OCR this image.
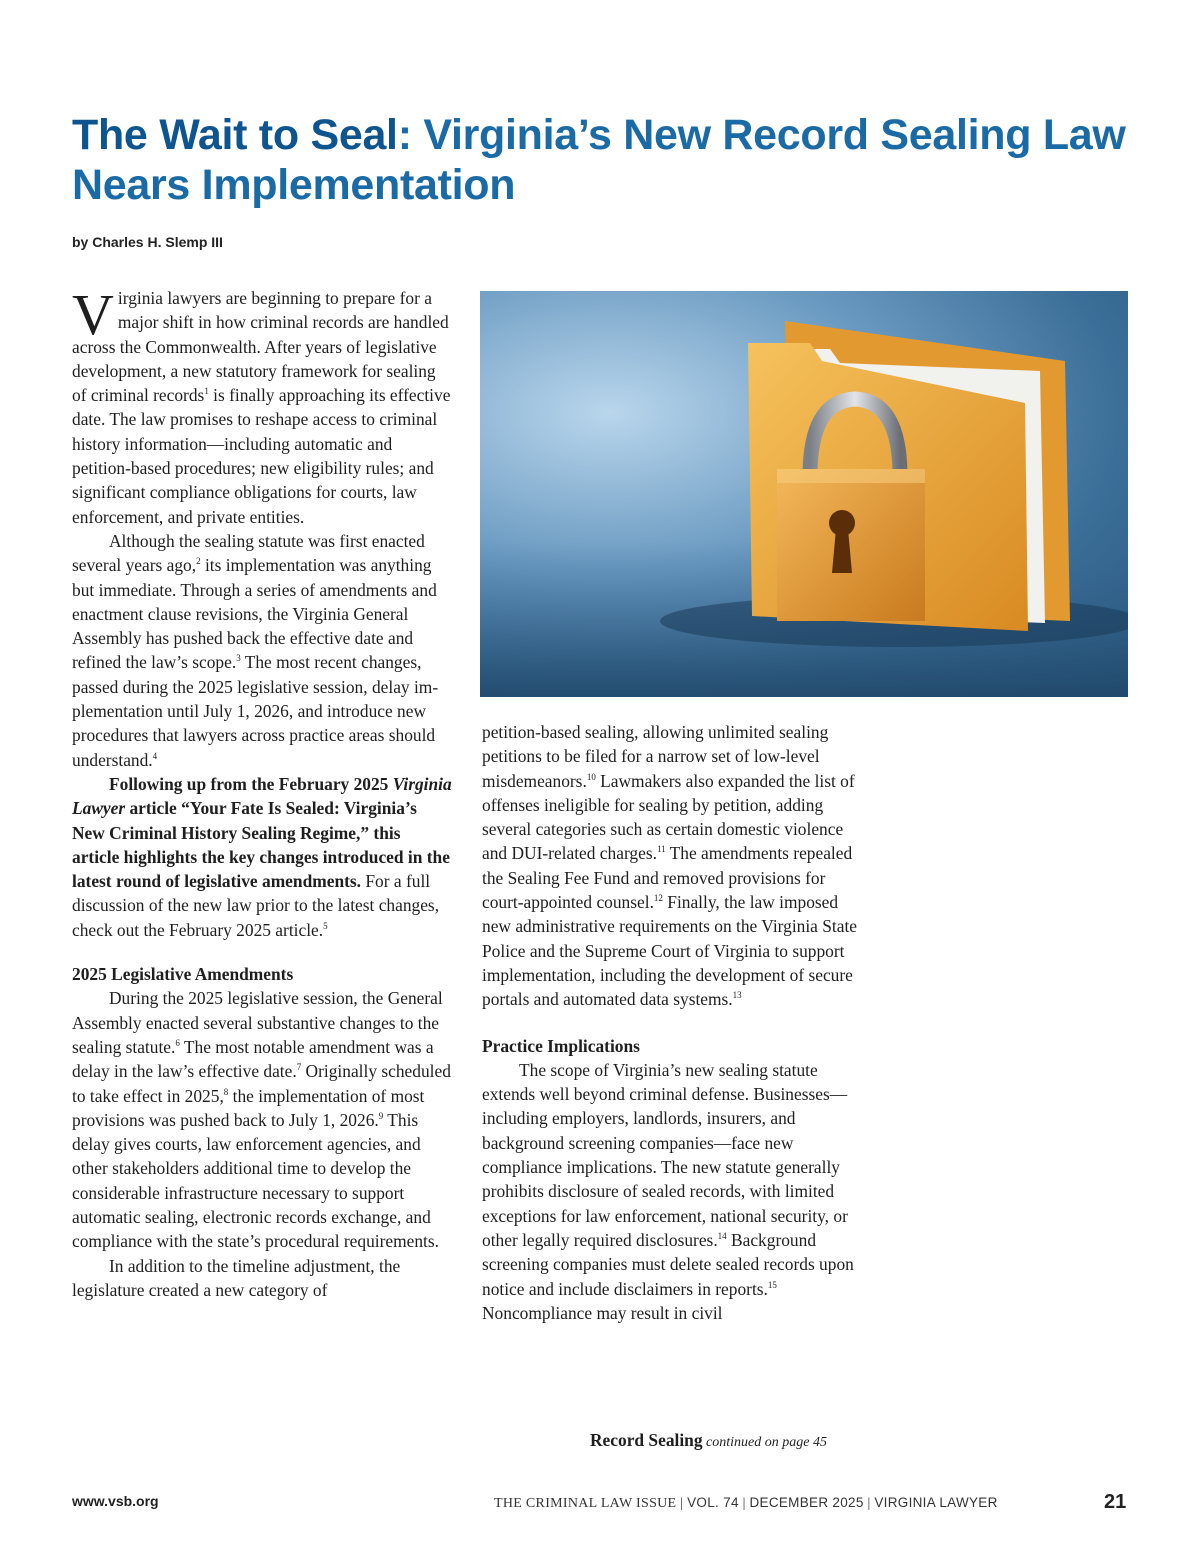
The Wait to Seal: Virginia’s New Record Sealing Law Nears Implementation

by Charles H. Slemp III

Virginia lawyers are beginning to prepare for a major shift in how criminal records are handled across the Commonwealth. After years of legislative development, a new statutory framework for sealing of criminal records$^1$ is finally approaching its effective date. The law promises to reshape access to criminal history information—including automatic and petition-based procedures; new eligibility rules; and significant compliance obligations for courts, law enforcement, and private entities.

Although the sealing statute was first enacted several years ago,$^2$ its implementation was anything but immediate. Through a series of amendments and enactment clause revisions, the Virginia General Assembly has pushed back the effective date and refined the law’s scope.$^3$ The most recent changes, passed during the 2025 legislative session, delay implementation until July 1, 2026, and introduce new procedures that lawyers across practice areas should understand.$^4$

Following up from the February 2025 Virginia Lawyer article “Your Fate Is Sealed: Virginia’s New Criminal History Sealing Regime,” this article highlights the key changes introduced in the latest round of legislative amendments. For a full discussion of the new law prior to the latest changes, check out the February 2025 article.$^5$

2025 Legislative Amendments

During the 2025 legislative session, the General Assembly enacted several substantive changes to the sealing statute.$^6$ The most notable amendment was a delay in the law’s effective date.$^7$ Originally scheduled to take effect in 2025,$^8$ the implementation of most provisions was pushed back to July 1, 2026.$^9$ This delay gives courts, law enforcement agencies, and other stakeholders additional time to develop the considerable infrastructure necessary to support automatic sealing, electronic records exchange, and compliance with the state’s procedural requirements.

In addition to the timeline adjustment, the legislature created a new category of

petition-based sealing, allowing unlimited sealing petitions to be filed for a narrow set of low-level misdemeanors.$^{10}$ Lawmakers also expanded the list of offenses ineligible for sealing by petition, adding several categories such as certain domestic violence and DUI-related charges.$^{11}$ The amendments repealed the Sealing Fee Fund and removed provisions for court-appointed counsel.$^{12}$ Finally, the law imposed new administrative requirements on the Virginia State Police and the Supreme Court of Virginia to support implementation, including the development of secure portals and automated data systems.$^{13}$

Practice Implications

The scope of Virginia’s new sealing statute extends well beyond criminal defense. Businesses—including employers, landlords, insurers, and background screening companies—face new compliance implications. The new statute generally prohibits disclosure of sealed records, with limited exceptions for law enforcement, national security, or other legally required disclosures.$^{14}$ Background screening companies must delete sealed records upon notice and include disclaimers in reports.$^{15}$ Noncompliance may result in civil

Record Sealing continued on page 45
www.vsb.org	THE CRIMINAL LAW ISSUE | VOL. 74 | DECEMBER 2025 | VIRGINIA LAWYER	21
